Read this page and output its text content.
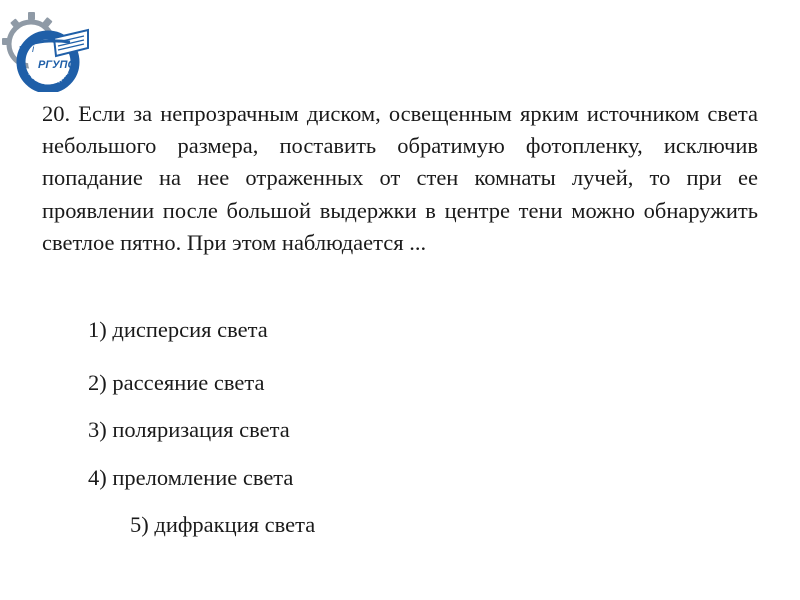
i
РГУПС
РОСТОВ-НА-ДОНУ

20. Если за непрозрачным диском, освещенным ярким источником света небольшого размера, поставить обратимую фотопленку, исключив попадание на нее отраженных от стен комнаты лучей, то при ее проявлении после большой выдержки в центре тени можно обнаружить светлое пятно. При этом наблюдается ...

1) дисперсия света
2) рассеяние света
3) поляризация света
4) преломление света
5) дифракция света
